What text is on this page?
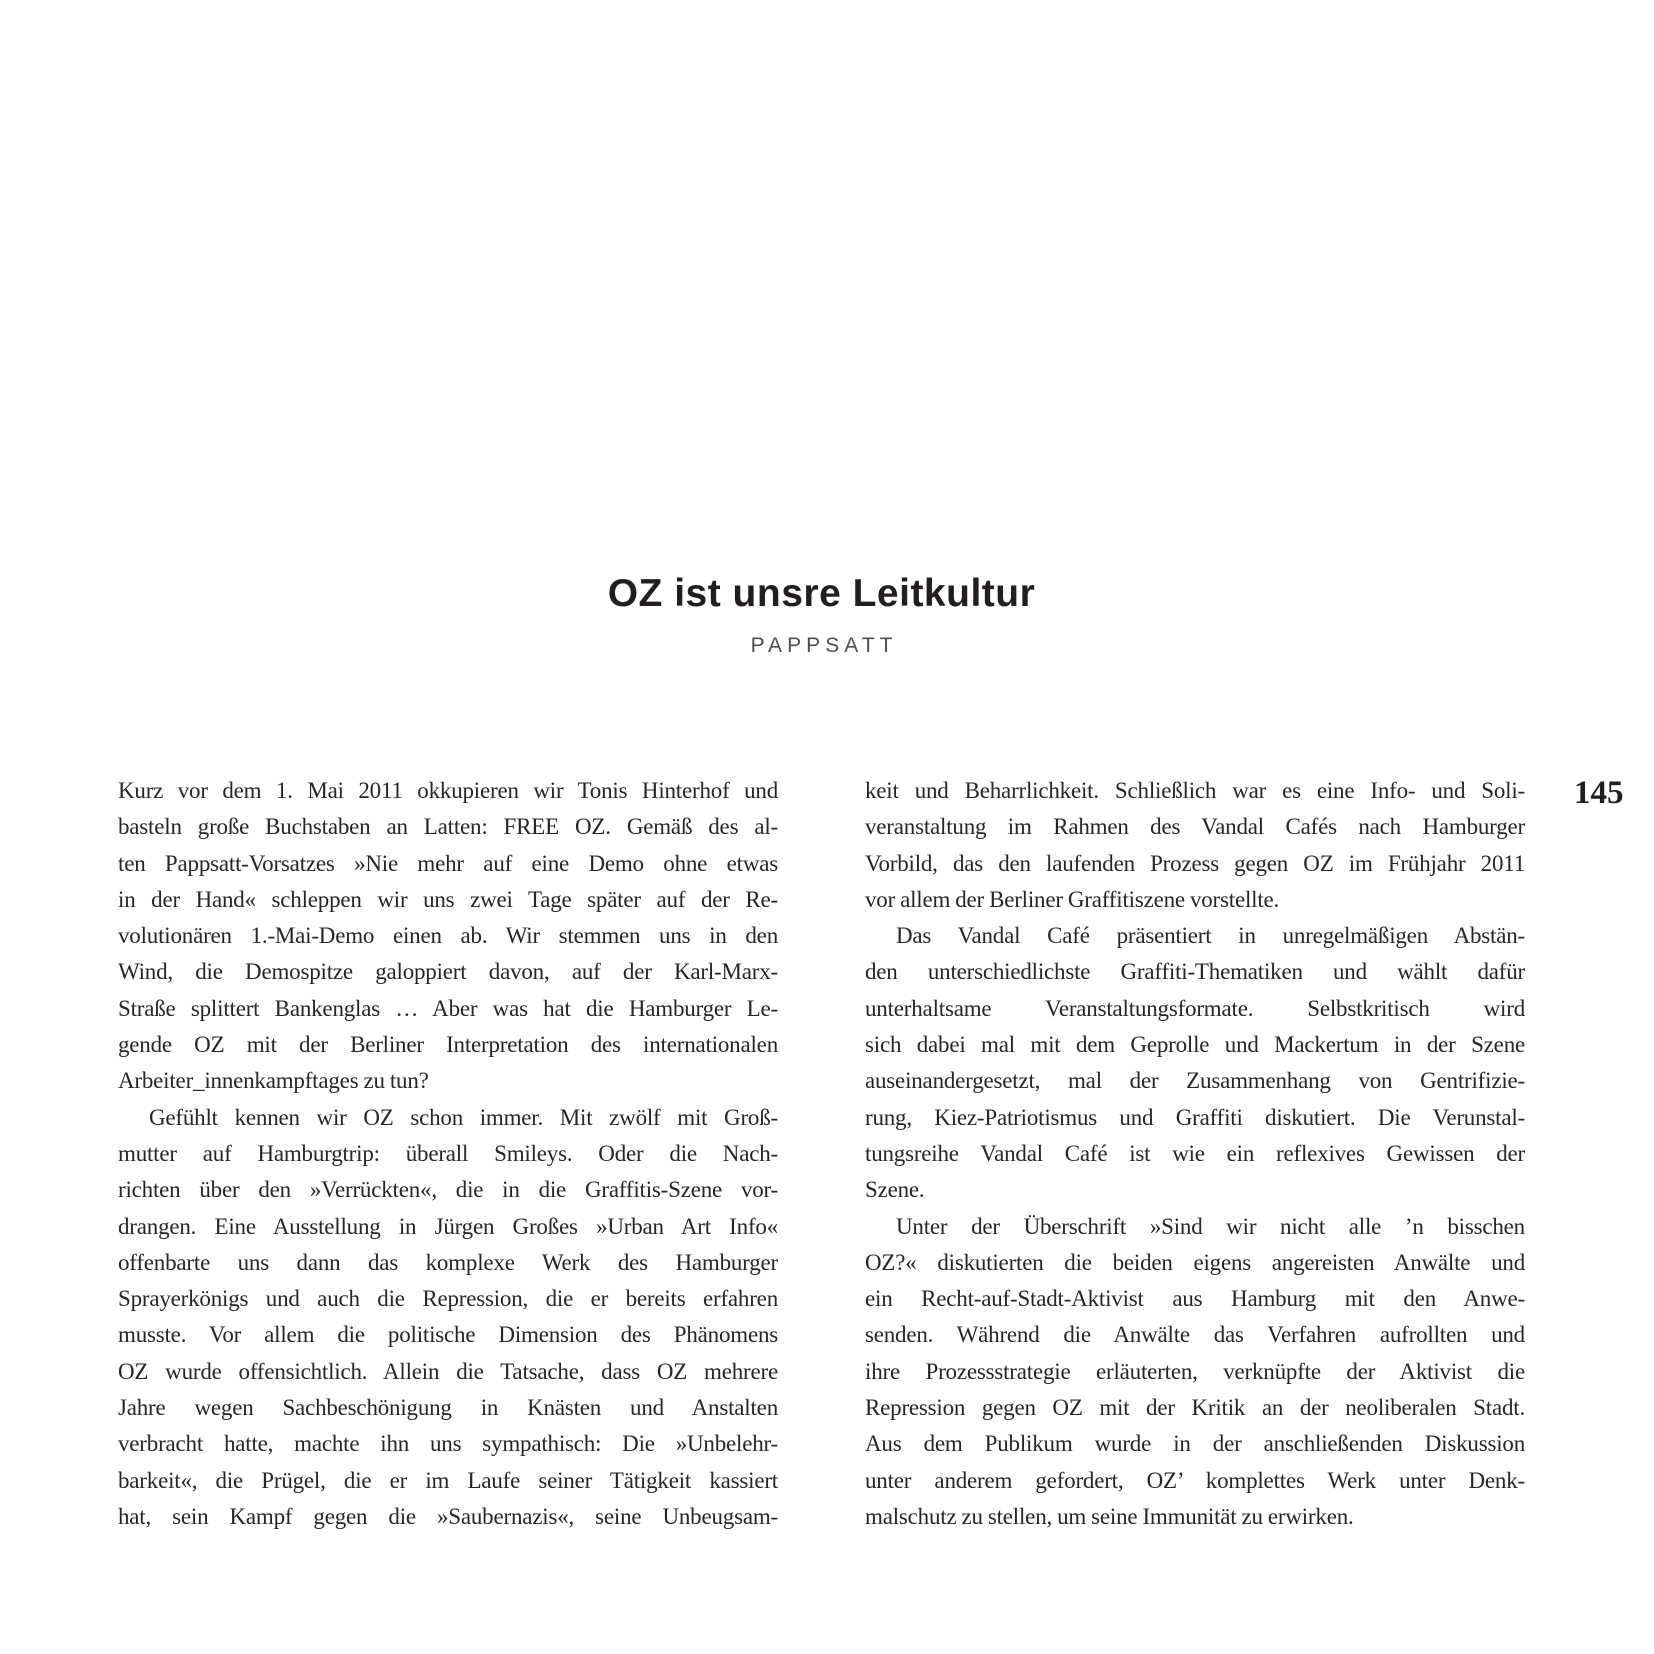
OZ ist unsre Leitkultur
PAPPSATT
145
Kurz vor dem 1. Mai 2011 okkupieren wir Tonis Hinterhof und
basteln große Buchstaben an Latten: FREE OZ. Gemäß des al-
ten Pappsatt-Vorsatzes »Nie mehr auf eine Demo ohne etwas
in der Hand« schleppen wir uns zwei Tage später auf der Re-
volutionären 1.-Mai-Demo einen ab. Wir stemmen uns in den
Wind, die Demospitze galoppiert davon, auf der Karl-Marx-
Straße splittert Bankenglas … Aber was hat die Hamburger Le-
gende OZ mit der Berliner Interpretation des internationalen
Arbeiter_innenkampftages zu tun?
Gefühlt kennen wir OZ schon immer. Mit zwölf mit Groß-
mutter auf Hamburgtrip: überall Smileys. Oder die Nach-
richten über den »Verrückten«, die in die Graffitis-Szene vor-
drangen. Eine Ausstellung in Jürgen Großes »Urban Art Info«
offenbarte uns dann das komplexe Werk des Hamburger
Sprayerkönigs und auch die Repression, die er bereits erfahren
musste. Vor allem die politische Dimension des Phänomens
OZ wurde offensichtlich. Allein die Tatsache, dass OZ mehrere
Jahre wegen Sachbeschönigung in Knästen und Anstalten
verbracht hatte, machte ihn uns sympathisch: Die »Unbelehr-
barkeit«, die Prügel, die er im Laufe seiner Tätigkeit kassiert
hat, sein Kampf gegen die »Saubernazis«, seine Unbeugsam-
keit und Beharrlichkeit. Schließlich war es eine Info- und Soli-
veranstaltung im Rahmen des Vandal Cafés nach Hamburger
Vorbild, das den laufenden Prozess gegen OZ im Frühjahr 2011
vor allem der Berliner Graffitiszene vorstellte.
Das Vandal Café präsentiert in unregelmäßigen Abstän-
den unterschiedlichste Graffiti-Thematiken und wählt dafür
unterhaltsame Veranstaltungsformate. Selbstkritisch wird
sich dabei mal mit dem Geprolle und Mackertum in der Szene
auseinandergesetzt, mal der Zusammenhang von Gentrifizie-
rung, Kiez-Patriotismus und Graffiti diskutiert. Die Verunstal-
tungsreihe Vandal Café ist wie ein reflexives Gewissen der
Szene.
Unter der Überschrift »Sind wir nicht alle ’n bisschen
OZ?« diskutierten die beiden eigens angereisten Anwälte und
ein Recht-auf-Stadt-Aktivist aus Hamburg mit den Anwe-
senden. Während die Anwälte das Verfahren aufrollten und
ihre Prozessstrategie erläuterten, verknüpfte der Aktivist die
Repression gegen OZ mit der Kritik an der neoliberalen Stadt.
Aus dem Publikum wurde in der anschließenden Diskussion
unter anderem gefordert, OZ’ komplettes Werk unter Denk-
malschutz zu stellen, um seine Immunität zu erwirken.
